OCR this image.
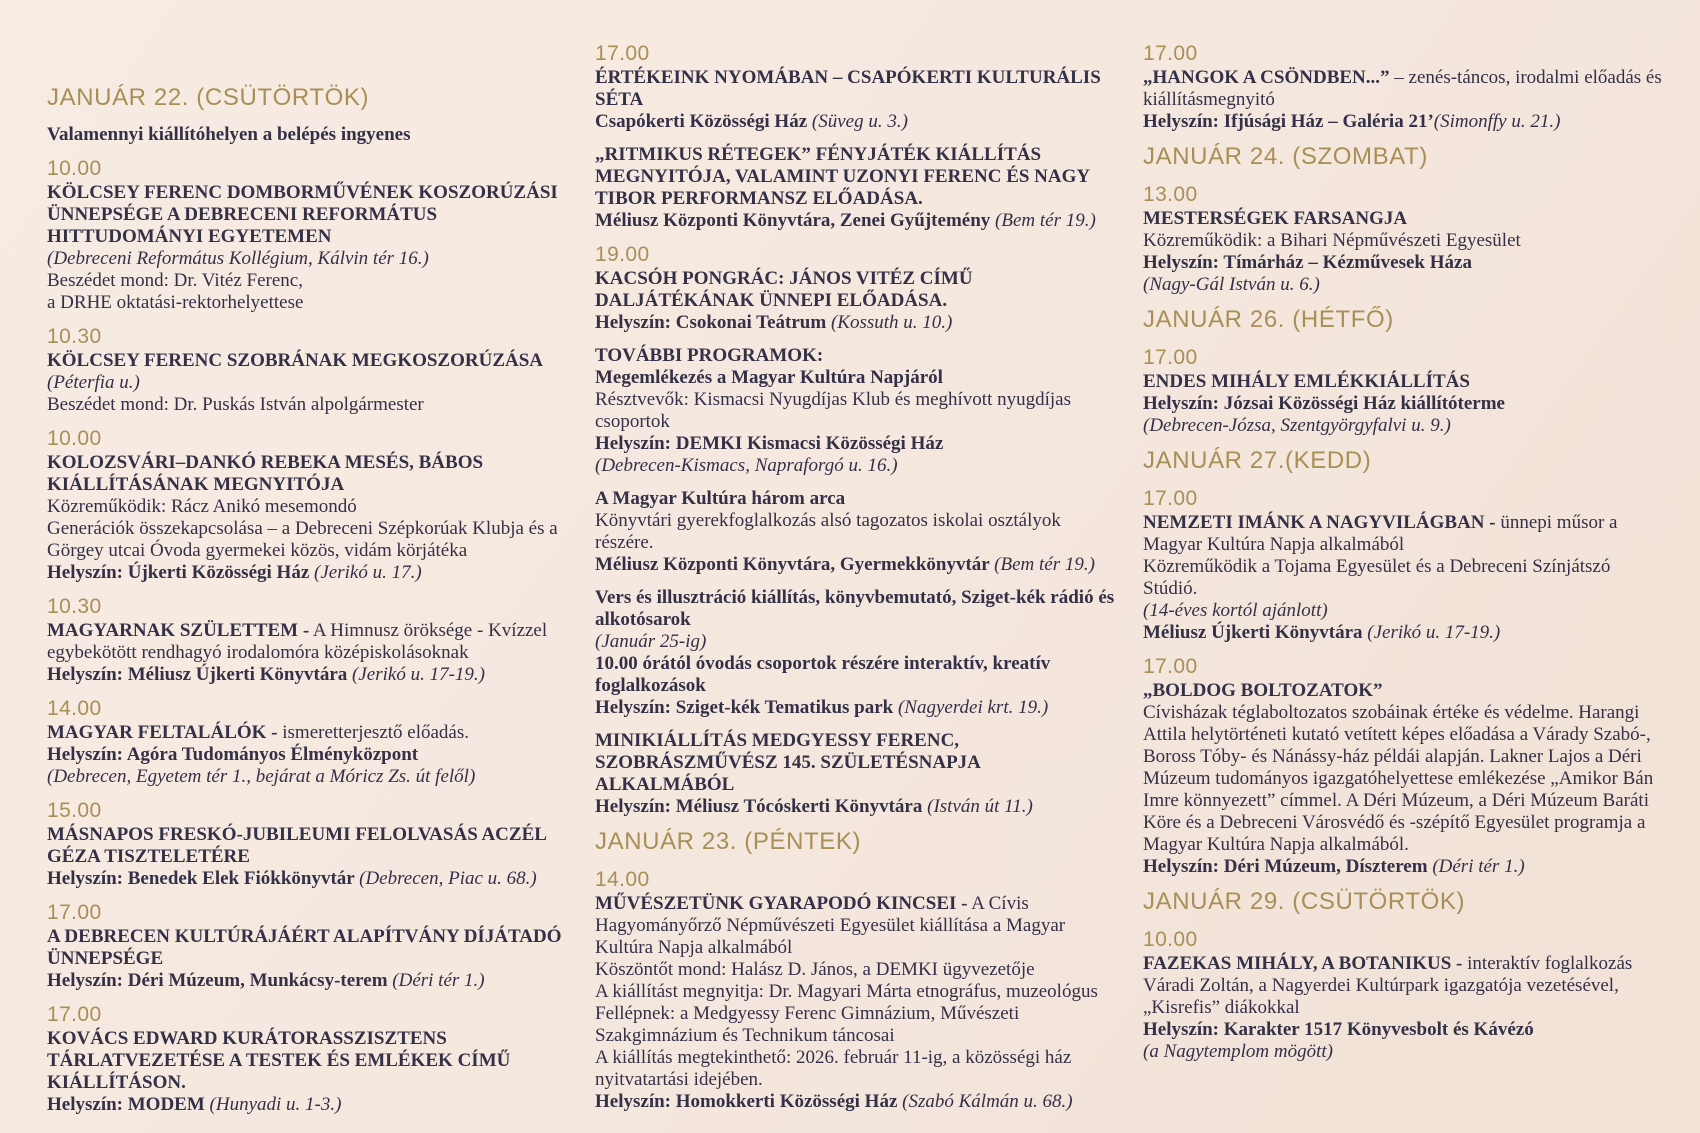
JANUÁR 22. (CSÜTÖRTÖK)

Valamennyi kiállítóhelyen a belépés ingyenes

10.00

KÖLCSEY FERENC DOMBORMŰVÉNEK KOSZORÚZÁSI ÜNNEPSÉGE A DEBRECENI REFORMÁTUS HITTUDOMÁNYI EGYETEMEN

(Debreceni Református Kollégium, Kálvin tér 16.)

Beszédet mond: Dr. Vitéz Ferenc,

a DRHE oktatási-rektorhelyettese

10.30

KÖLCSEY FERENC SZOBRÁNAK MEGKOSZORÚZÁSA

(Péterfia u.)

Beszédet mond: Dr. Puskás István alpolgármester

10.00

KOLOZSVÁRI–DANKÓ REBEKA MESÉS, BÁBOS KIÁLLÍTÁSÁNAK MEGNYITÓJA

Közreműködik: Rácz Anikó mesemondó

Generációk összekapcsolása – a Debreceni Szépkorúak Klubja és a Görgey utcai Óvoda gyermekei közös, vidám körjátéka

Helyszín: Újkerti Közösségi Ház (Jerikó u. 17.)

10.30

MAGYARNAK SZÜLETTEM - A Himnusz öröksége - Kvízzel egybekötött rendhagyó irodalomóra középiskolásoknak

Helyszín: Méliusz Újkerti Könyvtára (Jerikó u. 17-19.)

14.00

MAGYAR FELTALÁLÓK - ismeretterjesztő előadás.

Helyszín: Agóra Tudományos Élményközpont

(Debrecen, Egyetem tér 1., bejárat a Móricz Zs. út felől)

15.00

MÁSNAPOS FRESKÓ-JUBILEUMI FELOLVASÁS ACZÉL GÉZA TISZTELETÉRE

Helyszín: Benedek Elek Fiókkönyvtár (Debrecen, Piac u. 68.)

17.00

A DEBRECEN KULTÚRÁJÁÉRT ALAPÍTVÁNY DÍJÁTADÓ ÜNNEPSÉGE

Helyszín: Déri Múzeum, Munkácsy-terem (Déri tér 1.)

17.00

KOVÁCS EDWARD KURÁTORASSZISZTENS TÁRLATVEZETÉSE A TESTEK ÉS EMLÉKEK CÍMŰ KIÁLLÍTÁSON.

Helyszín: MODEM (Hunyadi u. 1-3.)

17.00

ÉRTÉKEINK NYOMÁBAN – CSAPÓKERTI KULTURÁLIS SÉTA

Csapókerti Közösségi Ház (Süveg u. 3.)

„RITMIKUS RÉTEGEK” FÉNYJÁTÉK KIÁLLÍTÁS MEGNYITÓJA, VALAMINT UZONYI FERENC ÉS NAGY TIBOR PERFORMANSZ ELŐADÁSA.

Méliusz Központi Könyvtára, Zenei Gyűjtemény (Bem tér 19.)

19.00

KACSÓH PONGRÁC: JÁNOS VITÉZ CÍMŰ DALJÁTÉKÁNAK ÜNNEPI ELŐADÁSA.

Helyszín: Csokonai Teátrum (Kossuth u. 10.)

TOVÁBBI PROGRAMOK:

Megemlékezés a Magyar Kultúra Napjáról

Résztvevők: Kismacsi Nyugdíjas Klub és meghívott nyugdíjas csoportok

Helyszín: DEMKI Kismacsi Közösségi Ház

(Debrecen-Kismacs, Napraforgó u. 16.)

A Magyar Kultúra három arca

Könyvtári gyerekfoglalkozás alsó tagozatos iskolai osztályok részére.

Méliusz Központi Könyvtára, Gyermekkönyvtár (Bem tér 19.)

Vers és illusztráció kiállítás, könyvbemutató, Sziget-kék rádió és alkotósarok

(Január 25-ig)

10.00 órától óvodás csoportok részére interaktív, kreatív foglalkozások

Helyszín: Sziget-kék Tematikus park (Nagyerdei krt. 19.)

MINIKIÁLLÍTÁS MEDGYESSY FERENC, SZOBRÁSZMŰVÉSZ 145. SZÜLETÉSNAPJA ALKALMÁBÓL

Helyszín: Méliusz Tócóskerti Könyvtára (István út 11.)

JANUÁR 23. (PÉNTEK)
14.00

MŰVÉSZETÜNK GYARAPODÓ KINCSEI - A Cívis Hagyományőrző Népművészeti Egyesület kiállítása a Magyar Kultúra Napja alkalmából

Köszöntőt mond: Halász D. János, a DEMKI ügyvezetője

A kiállítást megnyitja: Dr. Magyari Márta etnográfus, muzeológus

Fellépnek: a Medgyessy Ferenc Gimnázium, Művészeti Szakgimnázium és Technikum táncosai

A kiállítás megtekinthető: 2026. február 11-ig, a közösségi ház nyitvatartási idejében.

Helyszín: Homokkerti Közösségi Ház (Szabó Kálmán u. 68.)

17.00

„HANGOK A CSÖNDBEN...” – zenés-táncos, irodalmi előadás és kiállításmegnyitó

Helyszín: Ifjúsági Ház – Galéria 21’(Simonffy u. 21.)

JANUÁR 24. (SZOMBAT)
13.00

MESTERSÉGEK FARSANGJA

Közreműködik: a Bihari Népművészeti Egyesület

Helyszín: Tímárház – Kézművesek Háza

(Nagy-Gál István u. 6.)

JANUÁR 26. (HÉTFŐ)
17.00

ENDES MIHÁLY EMLÉKKIÁLLÍTÁS

Helyszín: Józsai Közösségi Ház kiállítóterme

(Debrecen-Józsa, Szentgyörgyfalvi u. 9.)

JANUÁR 27.(KEDD)
17.00

NEMZETI IMÁNK A NAGYVILÁGBAN - ünnepi műsor a Magyar Kultúra Napja alkalmából

Közreműködik a Tojama Egyesület és a Debreceni Színjátszó Stúdió.

(14-éves kortól ajánlott)

Méliusz Újkerti Könyvtára (Jerikó u. 17-19.)

17.00

„BOLDOG BOLTOZATOK”

Cívisházak téglaboltozatos szobáinak értéke és védelme. Harangi Attila helytörténeti kutató vetített képes előadása a Várady Szabó-, Boross Tóby- és Nánássy-ház példái alapján. Lakner Lajos a Déri Múzeum tudományos igazgatóhelyettese emlékezése „Amikor Bán Imre könnyezett” címmel. A Déri Múzeum, a Déri Múzeum Baráti Köre és a Debreceni Városvédő és -szépítő Egyesület programja a Magyar Kultúra Napja alkalmából.

Helyszín: Déri Múzeum, Díszterem (Déri tér 1.)

JANUÁR 29. (CSÜTÖRTÖK)
10.00

FAZEKAS MIHÁLY, A BOTANIKUS - interaktív foglalkozás Váradi Zoltán, a Nagyerdei Kultúrpark igazgatója vezetésével, „Kisrefis” diákokkal

Helyszín: Karakter 1517 Könyvesbolt és Kávézó

(a Nagytemplom mögött)
